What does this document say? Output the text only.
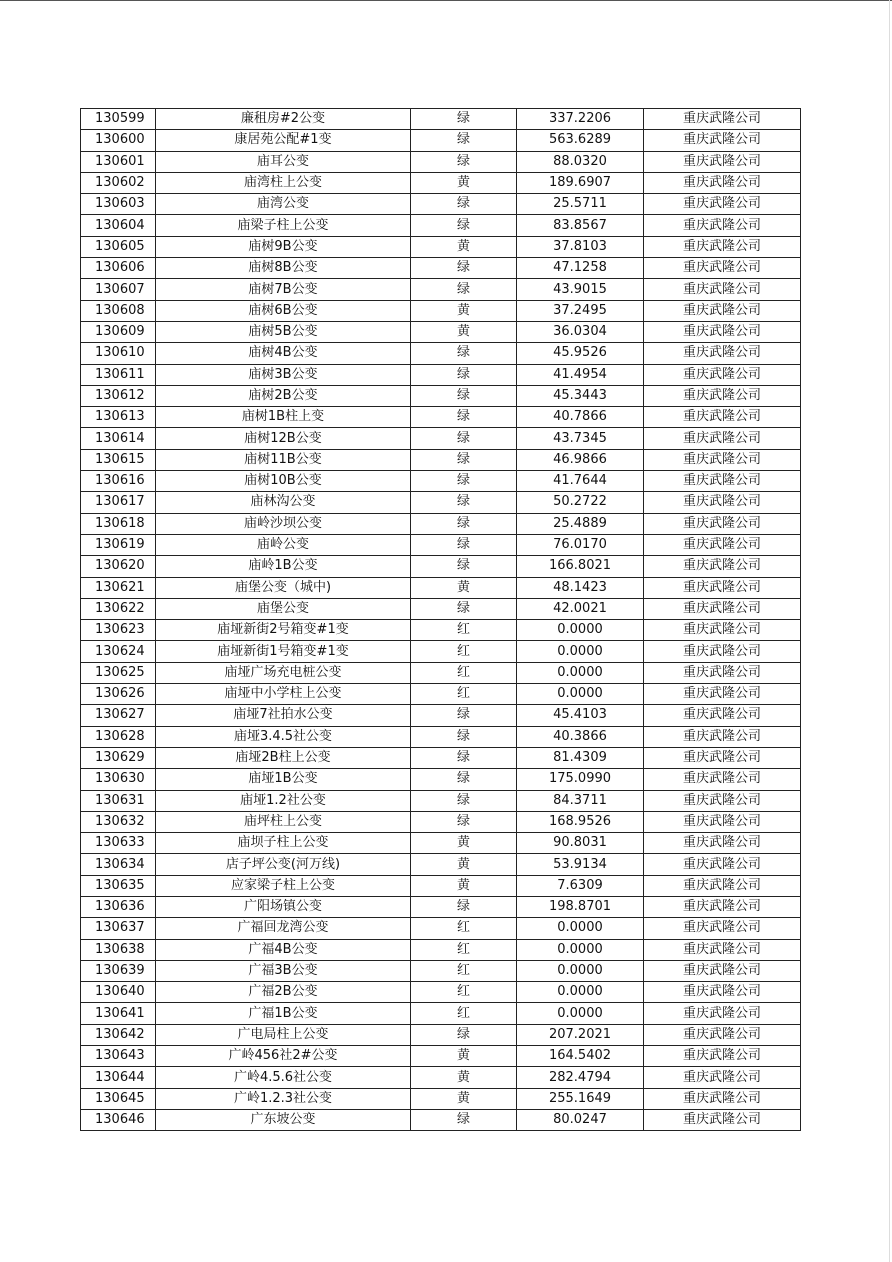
130599	廉租房#2公变	绿	337.2206	重庆武隆公司
130600	康居苑公配#1变	绿	563.6289	重庆武隆公司
130601	庙耳公变	绿	88.0320	重庆武隆公司
130602	庙湾柱上公变	黄	189.6907	重庆武隆公司
130603	庙湾公变	绿	25.5711	重庆武隆公司
130604	庙梁子柱上公变	绿	83.8567	重庆武隆公司
130605	庙树9B公变	黄	37.8103	重庆武隆公司
130606	庙树8B公变	绿	47.1258	重庆武隆公司
130607	庙树7B公变	绿	43.9015	重庆武隆公司
130608	庙树6B公变	黄	37.2495	重庆武隆公司
130609	庙树5B公变	黄	36.0304	重庆武隆公司
130610	庙树4B公变	绿	45.9526	重庆武隆公司
130611	庙树3B公变	绿	41.4954	重庆武隆公司
130612	庙树2B公变	绿	45.3443	重庆武隆公司
130613	庙树1B柱上变	绿	40.7866	重庆武隆公司
130614	庙树12B公变	绿	43.7345	重庆武隆公司
130615	庙树11B公变	绿	46.9866	重庆武隆公司
130616	庙树10B公变	绿	41.7644	重庆武隆公司
130617	庙林沟公变	绿	50.2722	重庆武隆公司
130618	庙岭沙坝公变	绿	25.4889	重庆武隆公司
130619	庙岭公变	绿	76.0170	重庆武隆公司
130620	庙岭1B公变	绿	166.8021	重庆武隆公司
130621	庙堡公变（城中)	黄	48.1423	重庆武隆公司
130622	庙堡公变	绿	42.0021	重庆武隆公司
130623	庙垭新街2号箱变#1变	红	0.0000	重庆武隆公司
130624	庙垭新街1号箱变#1变	红	0.0000	重庆武隆公司
130625	庙垭广场充电桩公变	红	0.0000	重庆武隆公司
130626	庙垭中小学柱上公变	红	0.0000	重庆武隆公司
130627	庙垭7社拍水公变	绿	45.4103	重庆武隆公司
130628	庙垭3.4.5社公变	绿	40.3866	重庆武隆公司
130629	庙垭2B柱上公变	绿	81.4309	重庆武隆公司
130630	庙垭1B公变	绿	175.0990	重庆武隆公司
130631	庙垭1.2社公变	绿	84.3711	重庆武隆公司
130632	庙坪柱上公变	绿	168.9526	重庆武隆公司
130633	庙坝子柱上公变	黄	90.8031	重庆武隆公司
130634	店子坪公变(河万线)	黄	53.9134	重庆武隆公司
130635	应家梁子柱上公变	黄	7.6309	重庆武隆公司
130636	广阳场镇公变	绿	198.8701	重庆武隆公司
130637	广福回龙湾公变	红	0.0000	重庆武隆公司
130638	广福4B公变	红	0.0000	重庆武隆公司
130639	广福3B公变	红	0.0000	重庆武隆公司
130640	广福2B公变	红	0.0000	重庆武隆公司
130641	广福1B公变	红	0.0000	重庆武隆公司
130642	广电局柱上公变	绿	207.2021	重庆武隆公司
130643	广岭456社2#公变	黄	164.5402	重庆武隆公司
130644	广岭4.5.6社公变	黄	282.4794	重庆武隆公司
130645	广岭1.2.3社公变	黄	255.1649	重庆武隆公司
130646	广东坡公变	绿	80.0247	重庆武隆公司
